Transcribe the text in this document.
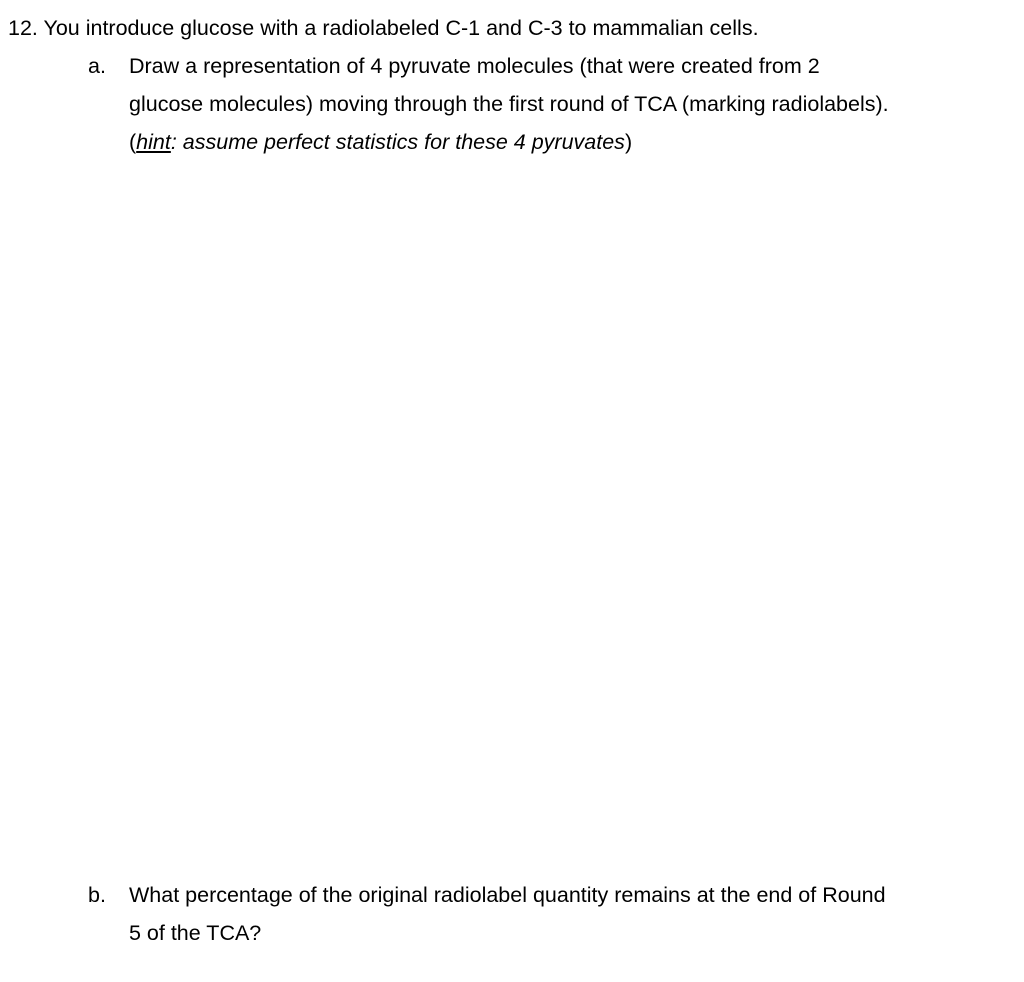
12. You introduce glucose with a radiolabeled C-1 and C-3 to mammalian cells.
a.	Draw a representation of 4 pyruvate molecules (that were created from 2
glucose molecules) moving through the first round of TCA (marking radiolabels).
(hint: assume perfect statistics for these 4 pyruvates)
b.	What percentage of the original radiolabel quantity remains at the end of Round
5 of the TCA?
